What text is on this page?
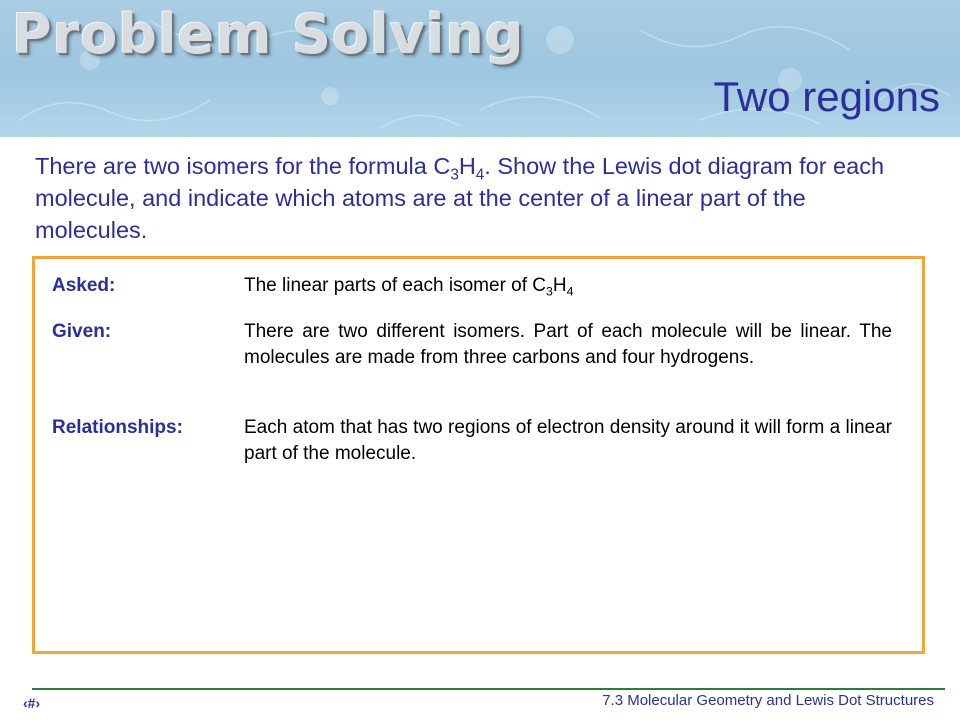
Problem Solving
Two regions

There are two isomers for the formula $C_3H_4$. Show the Lewis dot diagram for each molecule, and indicate which atoms are at the center of a linear part of the molecules.

Asked:	The linear parts of each isomer of $C_3H_4$
Given:	There are two different isomers. Part of each molecule will be linear. The molecules are made from three carbons and four hydrogens.
Relationships:	Each atom that has two regions of electron density around it will form a linear part of the molecule.

‹#›	7.3 Molecular Geometry and Lewis Dot Structures
